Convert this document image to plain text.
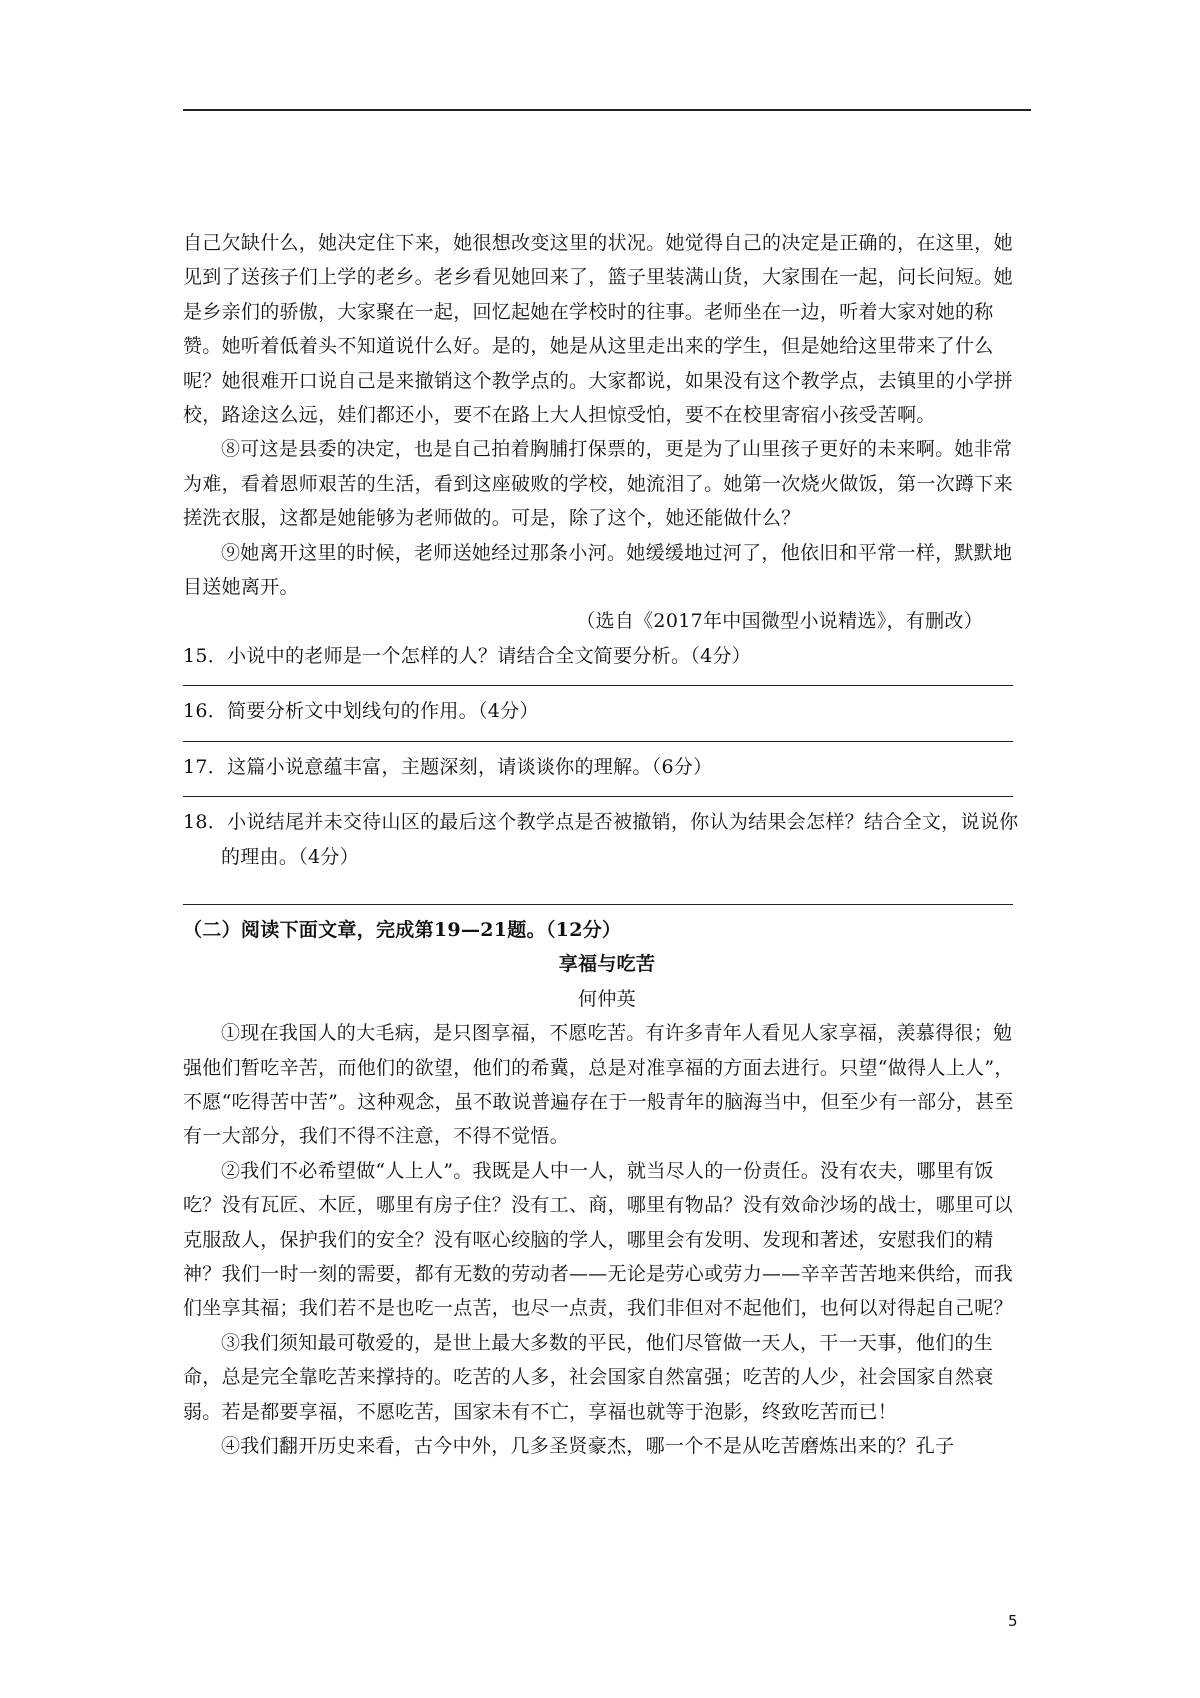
自己欠缺什么，她决定住下来，她很想改变这里的状况。她觉得自己的决定是正确的，在这里，她见到了送孩子们上学的老乡。老乡看见她回来了，篮子里装满山货，大家围在一起，问长问短。她是乡亲们的骄傲，大家聚在一起，回忆起她在学校时的往事。老师坐在一边，听着大家对她的称赞。她听着低着头不知道说什么好。是的，她是从这里走出来的学生，但是她给这里带来了什么呢？她很难开口说自己是来撤销这个教学点的。大家都说，如果没有这个教学点，去镇里的小学拼校，路途这么远，娃们都还小，要不在路上大人担惊受怕，要不在校里寄宿小孩受苦啊。

⑧可这是县委的决定，也是自己拍着胸脯打保票的，更是为了山里孩子更好的未来啊。她非常为难，看着恩师艰苦的生活，看到这座破败的学校，她流泪了。她第一次烧火做饭，第一次蹲下来搓洗衣服，这都是她能够为老师做的。可是，除了这个，她还能做什么？

⑨她离开这里的时候，老师送她经过那条小河。她缓缓地过河了，他依旧和平常一样，默默地目送她离开。

（选自《2017年中国微型小说精选》，有删改）

15．小说中的老师是一个怎样的人？请结合全文简要分析。（4分）

16．简要分析文中划线句的作用。（4分）

17．这篇小说意蕴丰富，主题深刻，请谈谈你的理解。（6分）

18．小说结尾并未交待山区的最后这个教学点是否被撤销，你认为结果会怎样？结合全文，说说你的理由。（4分）

（二）阅读下面文章，完成第19—21题。（12分）

享福与吃苦

何仲英

①现在我国人的大毛病，是只图享福，不愿吃苦。有许多青年人看见人家享福，羡慕得很；勉强他们暂吃辛苦，而他们的欲望，他们的希冀，总是对准享福的方面去进行。只望“做得人上人”，不愿“吃得苦中苦”。这种观念，虽不敢说普遍存在于一般青年的脑海当中，但至少有一部分，甚至有一大部分，我们不得不注意，不得不觉悟。

②我们不必希望做“人上人”。我既是人中一人，就当尽人的一份责任。没有农夫，哪里有饭吃？没有瓦匠、木匠，哪里有房子住？没有工、商，哪里有物品？没有效命沙场的战士，哪里可以克服敌人，保护我们的安全？没有呕心绞脑的学人，哪里会有发明、发现和著述，安慰我们的精神？我们一时一刻的需要，都有无数的劳动者——无论是劳心或劳力——辛辛苦苦地来供给，而我们坐享其福；我们若不是也吃一点苦，也尽一点责，我们非但对不起他们，也何以对得起自己呢？

③我们须知最可敬爱的，是世上最大多数的平民，他们尽管做一天人，干一天事，他们的生命，总是完全靠吃苦来撑持的。吃苦的人多，社会国家自然富强；吃苦的人少，社会国家自然衰弱。若是都要享福，不愿吃苦，国家未有不亡，享福也就等于泡影，终致吃苦而已！

④我们翻开历史来看，古今中外，几多圣贤豪杰，哪一个不是从吃苦磨炼出来的？孔子

5
